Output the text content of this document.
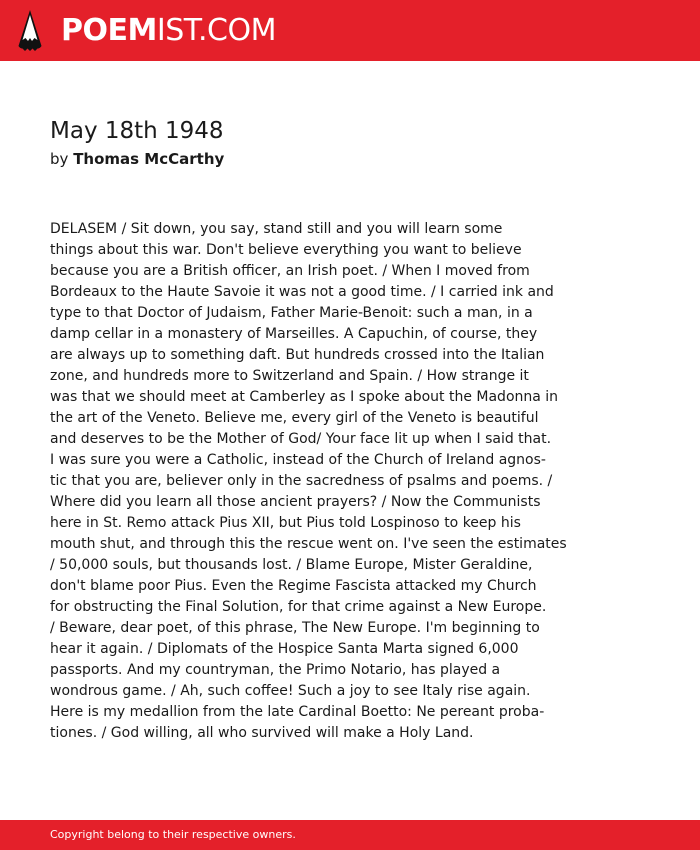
POEMIST.COM
May 18th 1948
by Thomas McCarthy
DELASEM / Sit down, you say, stand still and you will learn some
things about this war. Don't believe everything you want to believe
because you are a British officer, an Irish poet. / When I moved from
Bordeaux to the Haute Savoie it was not a good time. / I carried ink and
type to that Doctor of Judaism, Father Marie-Benoit: such a man, in a
damp cellar in a monastery of Marseilles. A Capuchin, of course, they
are always up to something daft. But hundreds crossed into the Italian
zone, and hundreds more to Switzerland and Spain. / How strange it
was that we should meet at Camberley as I spoke about the Madonna in
the art of the Veneto. Believe me, every girl of the Veneto is beautiful
and deserves to be the Mother of God/ Your face lit up when I said that.
I was sure you were a Catholic, instead of the Church of Ireland agnos-
tic that you are, believer only in the sacredness of psalms and poems. /
Where did you learn all those ancient prayers? / Now the Communists
here in St. Remo attack Pius XII, but Pius told Lospinoso to keep his
mouth shut, and through this the rescue went on. I've seen the estimates
/ 50,000 souls, but thousands lost. / Blame Europe, Mister Geraldine,
don't blame poor Pius. Even the Regime Fascista attacked my Church
for obstructing the Final Solution, for that crime against a New Europe.
/ Beware, dear poet, of this phrase, The New Europe. I'm beginning to
hear it again. / Diplomats of the Hospice Santa Marta signed 6,000
passports. And my countryman, the Primo Notario, has played a
wondrous game. / Ah, such coffee! Such a joy to see Italy rise again.
Here is my medallion from the late Cardinal Boetto: Ne pereant proba-
tiones. / God willing, all who survived will make a Holy Land.
Copyright belong to their respective owners.
